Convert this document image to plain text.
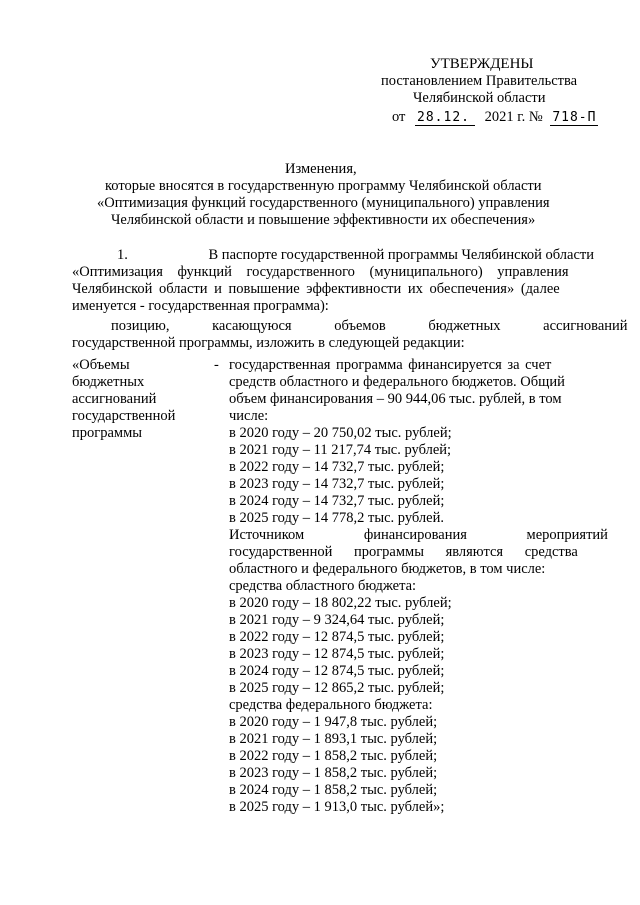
УТВЕРЖДЕНЫ
постановлением Правительства
Челябинской области
от 28.12. 2021 г. № 718-П
Изменения,
которые вносятся в государственную программу Челябинской области
«Оптимизация функций государственного (муниципального) управления
Челябинской области и повышение эффективности их обеспечения»
1.	В паспорте государственной программы Челябинской области
«Оптимизация функций государственного (муниципального) управления
Челябинской области и повышение эффективности их обеспечения» (далее
именуется - государственная программа):
позицию, касающуюся объемов бюджетных ассигнований
государственной программы, изложить в следующей редакции:
«Объемы
бюджетных
ассигнований
государственной
программы
- государственная программа финансируется за счет
средств областного и федерального бюджетов. Общий
объем финансирования – 90 944,06 тыс. рублей, в том
числе:
в 2020 году – 20 750,02 тыс. рублей;
в 2021 году – 11 217,74 тыс. рублей;
в 2022 году – 14 732,7 тыс. рублей;
в 2023 году – 14 732,7 тыс. рублей;
в 2024 году – 14 732,7 тыс. рублей;
в 2025 году – 14 778,2 тыс. рублей.
Источником финансирования мероприятий
государственной программы являются средства
областного и федерального бюджетов, в том числе:
средства областного бюджета:
в 2020 году – 18 802,22 тыс. рублей;
в 2021 году – 9 324,64 тыс. рублей;
в 2022 году – 12 874,5 тыс. рублей;
в 2023 году – 12 874,5 тыс. рублей;
в 2024 году – 12 874,5 тыс. рублей;
в 2025 году – 12 865,2 тыс. рублей;
средства федерального бюджета:
в 2020 году – 1 947,8 тыс. рублей;
в 2021 году – 1 893,1 тыс. рублей;
в 2022 году – 1 858,2 тыс. рублей;
в 2023 году – 1 858,2 тыс. рублей;
в 2024 году – 1 858,2 тыс. рублей;
в 2025 году – 1 913,0 тыс. рублей»;
